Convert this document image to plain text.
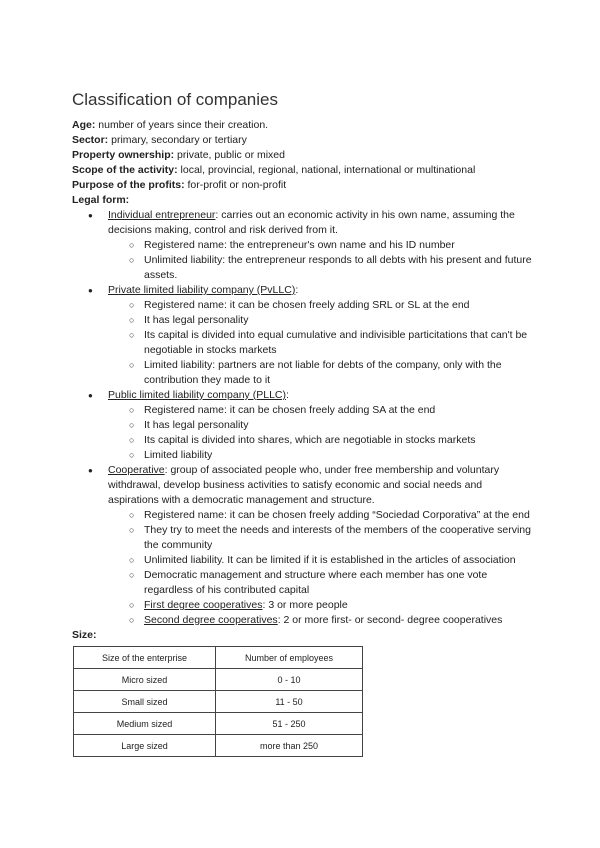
Classification of companies

Age: number of years since their creation.

Sector: primary, secondary or tertiary

Property ownership: private, public or mixed

Scope of the activity: local, provincial, regional, national, international or multinational

Purpose of the profits: for-profit or non-profit

Legal form:

● Individual entrepreneur: carries out an economic activity in his own name, assuming the decisions making, control and risk derived from it.
○ Registered name: the entrepreneur's own name and his ID number
○ Unlimited liability: the entrepreneur responds to all debts with his present and future assets.
● Private limited liability company (PvLLC):
○ Registered name: it can be chosen freely adding SRL or SL at the end
○ It has legal personality
○ Its capital is divided into equal cumulative and indivisible particitations that can't be negotiable in stocks markets
○ Limited liability: partners are not liable for debts of the company, only with the contribution they made to it
● Public limited liability company (PLLC):
○ Registered name: it can be chosen freely adding SA at the end
○ It has legal personality
○ Its capital is divided into shares, which are negotiable in stocks markets
○ Limited liability
● Cooperative: group of associated people who, under free membership and voluntary withdrawal, develop business activities to satisfy economic and social needs and aspirations with a democratic management and structure.
○ Registered name: it can be chosen freely adding “Sociedad Corporativa” at the end
○ They try to meet the needs and interests of the members of the cooperative serving the community
○ Unlimited liability. It can be limited if it is established in the articles of association
○ Democratic management and structure where each member has one vote regardless of his contributed capital
○ First degree cooperatives: 3 or more people
○ Second degree cooperatives: 2 or more first- or second- degree cooperatives

Size:

Size of the enterprise	Number of employees
Micro sized	0 - 10
Small sized	11 - 50
Medium sized	51 - 250
Large sized	more than 250
